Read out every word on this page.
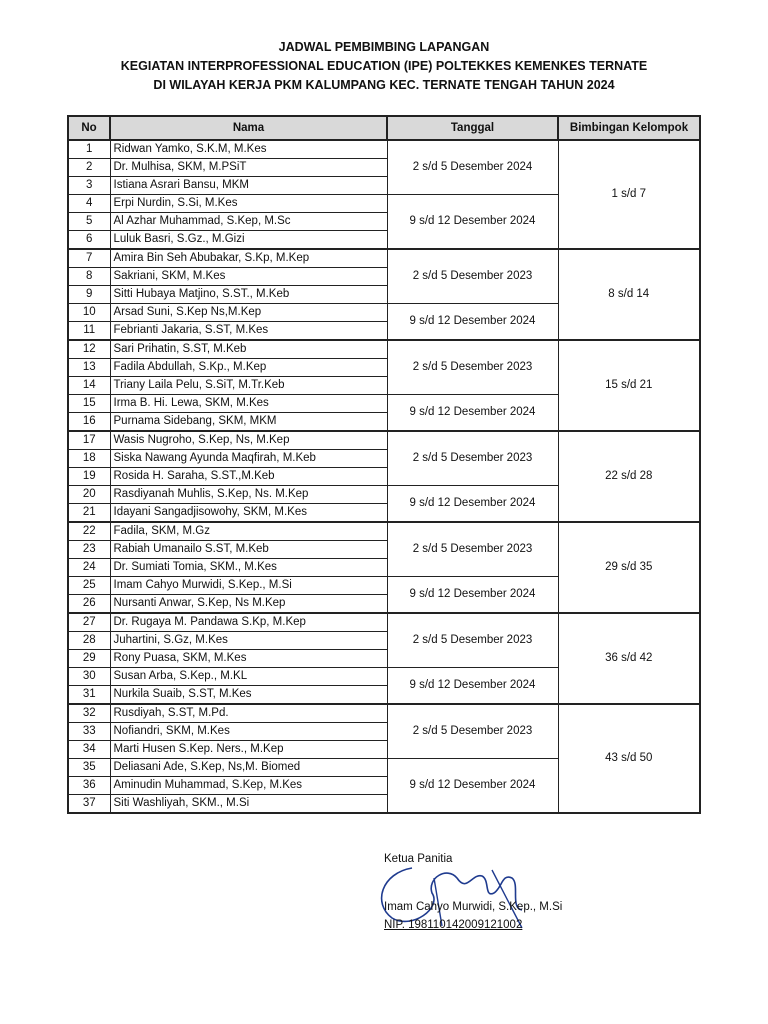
JADWAL PEMBIMBING LAPANGAN
KEGIATAN INTERPROFESSIONAL EDUCATION (IPE) POLTEKKES KEMENKES TERNATE
DI WILAYAH KERJA PKM KALUMPANG KEC. TERNATE TENGAH TAHUN 2024
No	Nama	Tanggal	Bimbingan Kelompok
1	Ridwan Yamko, S.K.M, M.Kes	2 s/d 5 Desember 2024	1 s/d 7
2	Dr. Mulhisa, SKM, M.PSiT		
3	Istiana Asrari Bansu, MKM		
4	Erpi Nurdin, S.Si, M.Kes	9 s/d 12 Desember 2024	
5	Al Azhar Muhammad, S.Kep, M.Sc		
6	Luluk Basri, S.Gz., M.Gizi		
7	Amira Bin Seh Abubakar, S.Kp, M.Kep	2 s/d 5 Desember 2023	8 s/d 14
8	Sakriani, SKM, M.Kes		
9	Sitti Hubaya Matjino, S.ST., M.Keb		
10	Arsad Suni, S.Kep Ns,M.Kep	9 s/d 12 Desember 2024	
11	Febrianti Jakaria, S.ST, M.Kes		
12	Sari Prihatin, S.ST, M.Keb	2 s/d 5 Desember 2023	15 s/d 21
13	Fadila Abdullah, S.Kp., M.Kep		
14	Triany Laila Pelu, S.SiT, M.Tr.Keb		
15	Irma B. Hi. Lewa, SKM, M.Kes	9 s/d 12 Desember 2024	
16	Purnama Sidebang, SKM, MKM		
17	Wasis Nugroho, S.Kep, Ns, M.Kep	2 s/d 5 Desember 2023	22 s/d 28
18	Siska Nawang Ayunda Maqfirah, M.Keb		
19	Rosida H. Saraha, S.ST.,M.Keb		
20	Rasdiyanah Muhlis, S.Kep, Ns. M.Kep	9 s/d 12 Desember 2024	
21	Idayani Sangadjisowohy, SKM, M.Kes		
22	Fadila, SKM, M.Gz	2 s/d 5 Desember 2023	29 s/d 35
23	Rabiah Umanailo S.ST, M.Keb		
24	Dr. Sumiati Tomia, SKM., M.Kes		
25	Imam Cahyo Murwidi, S.Kep., M.Si	9 s/d 12 Desember 2024	
26	Nursanti Anwar, S.Kep, Ns M.Kep		
27	Dr. Rugaya M. Pandawa S.Kp, M.Kep	2 s/d 5 Desember 2023	36 s/d 42
28	Juhartini, S.Gz, M.Kes		
29	Rony Puasa, SKM, M.Kes		
30	Susan Arba, S.Kep., M.KL	9 s/d 12 Desember 2024	
31	Nurkila Suaib, S.ST, M.Kes		
32	Rusdiyah, S.ST, M.Pd.	2 s/d 5 Desember 2023	43 s/d 50
33	Nofiandri, SKM, M.Kes		
34	Marti Husen S.Kep. Ners., M.Kep		
35	Deliasani Ade, S.Kep, Ns,M. Biomed	9 s/d 12 Desember 2024	
36	Aminudin Muhammad, S.Kep, M.Kes		
37	Siti Washliyah, SKM., M.Si		
Ketua Panitia
Imam Cahyo Murwidi, S.Kep., M.Si
NIP. 198110142009121002
